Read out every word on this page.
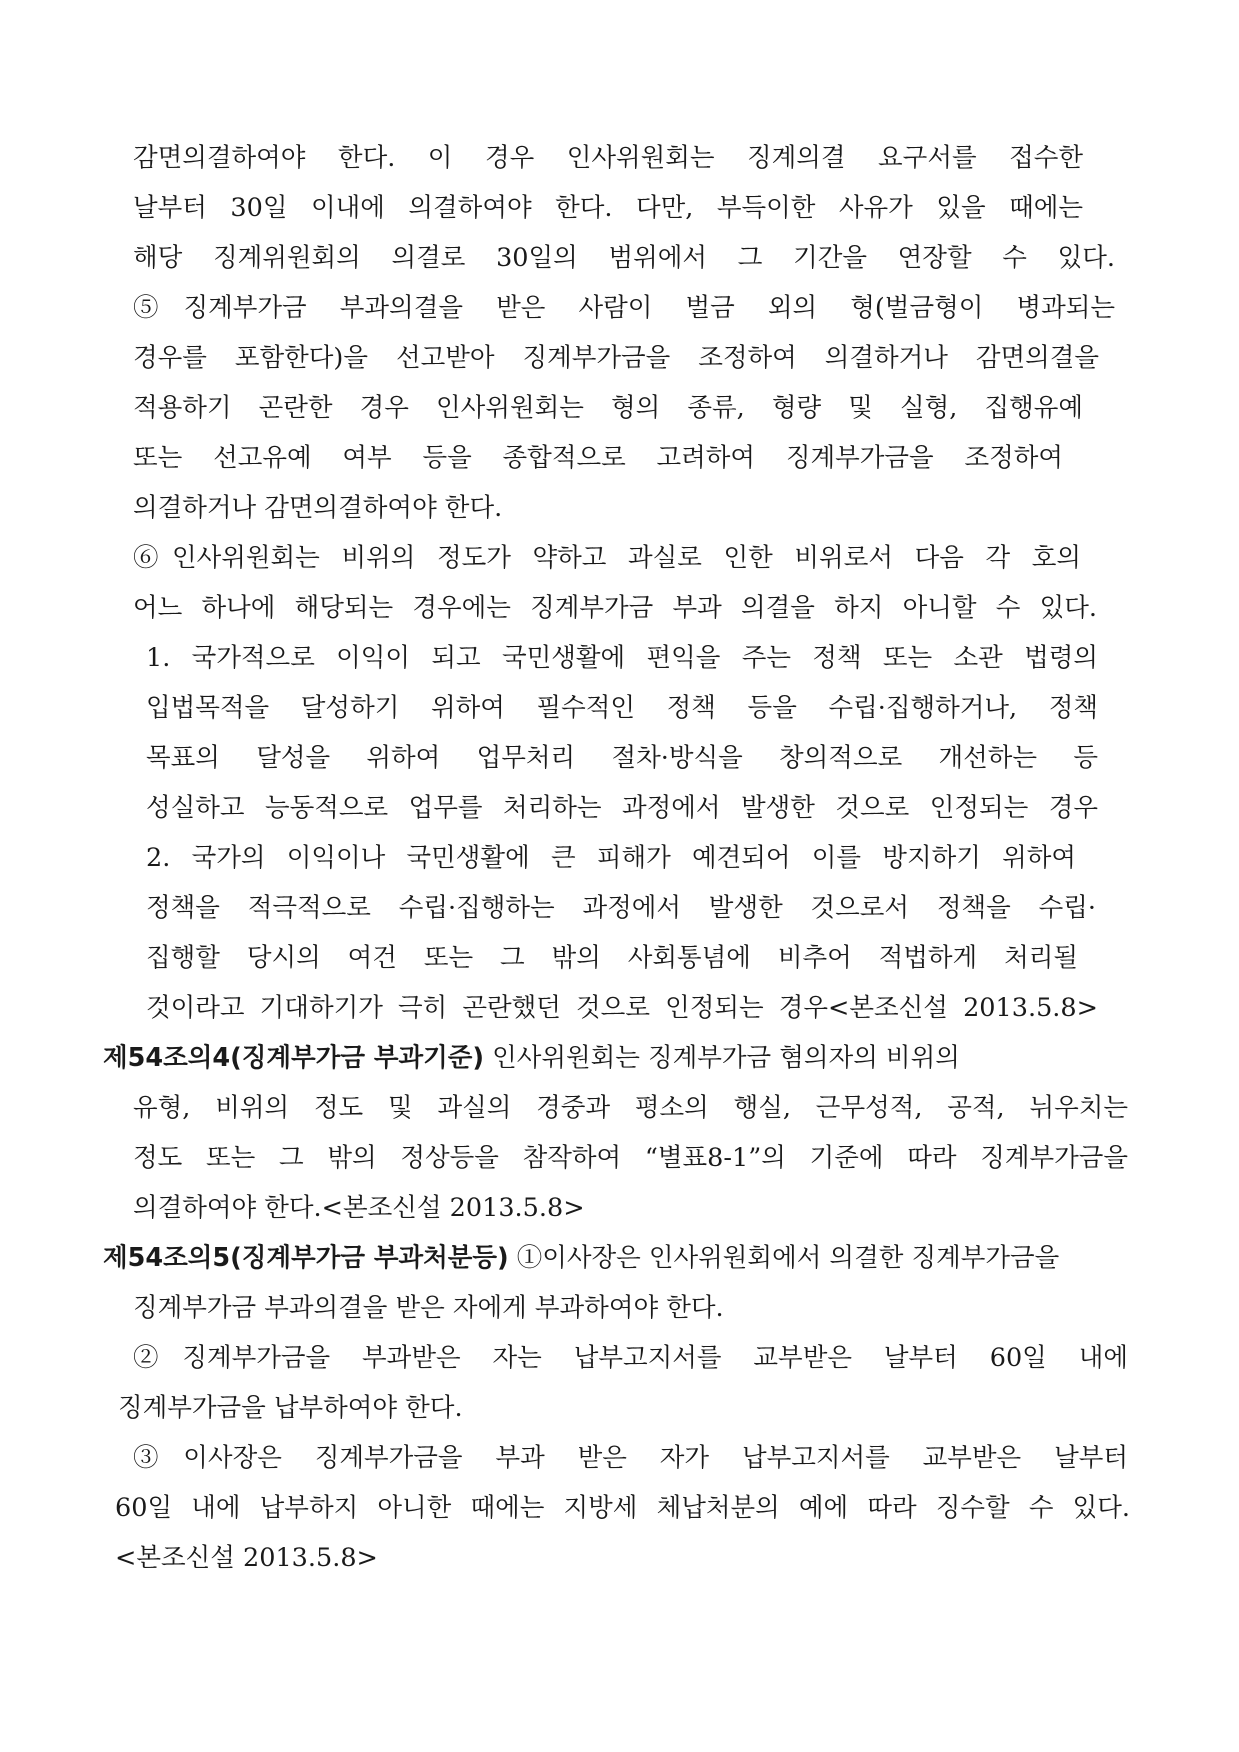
감면의결하여야 한다. 이 경우 인사위원회는 징계의결 요구서를 접수한
날부터 30일 이내에 의결하여야 한다. 다만, 부득이한 사유가 있을 때에는
해당 징계위원회의 의결로 30일의 범위에서 그 기간을 연장할 수 있다.
⑤징계부가금 부과의결을 받은 사람이 벌금 외의 형(벌금형이 병과되는
경우를 포함한다)을 선고받아 징계부가금을 조정하여 의결하거나 감면의결을
적용하기 곤란한 경우 인사위원회는 형의 종류, 형량 및 실형, 집행유예
또는 선고유예 여부 등을 종합적으로 고려하여 징계부가금을 조정하여
의결하거나 감면의결하여야 한다.
⑥인사위원회는 비위의 정도가 약하고 과실로 인한 비위로서 다음 각 호의
어느 하나에 해당되는 경우에는 징계부가금 부과 의결을 하지 아니할 수 있다.
1. 국가적으로 이익이 되고 국민생활에 편익을 주는 정책 또는 소관 법령의
입법목적을 달성하기 위하여 필수적인 정책 등을 수립·집행하거나, 정책
목표의 달성을 위하여 업무처리 절차·방식을 창의적으로 개선하는 등
성실하고 능동적으로 업무를 처리하는 과정에서 발생한 것으로 인정되는 경우
2. 국가의 이익이나 국민생활에 큰 피해가 예견되어 이를 방지하기 위하여
정책을 적극적으로 수립·집행하는 과정에서 발생한 것으로서 정책을 수립·
집행할 당시의 여건 또는 그 밖의 사회통념에 비추어 적법하게 처리될
것이라고 기대하기가 극히 곤란했던 것으로 인정되는 경우<본조신설 2013.5.8>
제54조의4(징계부가금 부과기준) 인사위원회는 징계부가금 혐의자의 비위의
유형, 비위의 정도 및 과실의 경중과 평소의 행실, 근무성적, 공적, 뉘우치는
정도 또는 그 밖의 정상등을 참작하여 “별표8-1”의 기준에 따라 징계부가금을
의결하여야 한다.<본조신설 2013.5.8>
제54조의5(징계부가금 부과처분등) ①이사장은 인사위원회에서 의결한 징계부가금을
징계부가금 부과의결을 받은 자에게 부과하여야 한다.
②징계부가금을 부과받은 자는 납부고지서를 교부받은 날부터 60일 내에
징계부가금을 납부하여야 한다.
③이사장은 징계부가금을 부과 받은 자가 납부고지서를 교부받은 날부터
60일 내에 납부하지 아니한 때에는 지방세 체납처분의 예에 따라 징수할 수 있다.
<본조신설 2013.5.8>
